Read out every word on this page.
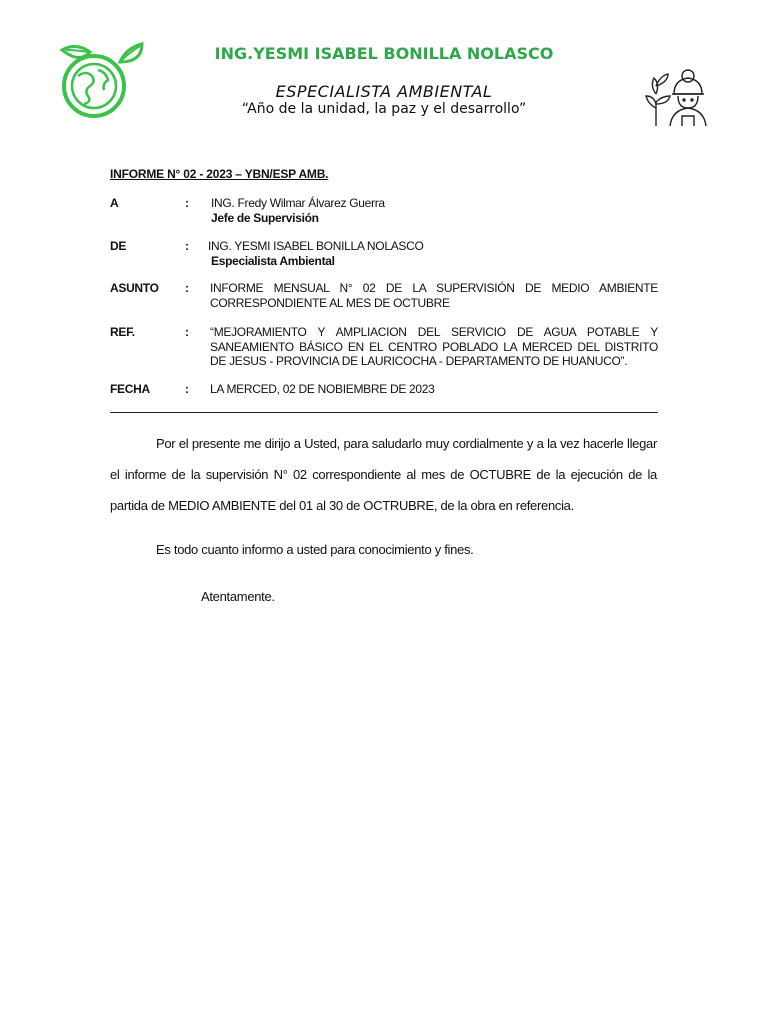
ING.YESMI ISABEL BONILLA NOLASCO
ESPECIALISTA AMBIENTAL
“Año de la unidad, la paz y el desarrollo”
INFORME N° 02 - 2023 – YBN/ESP AMB.
A	: ING. Fredy Wilmar Álvarez Guerra
Jefe de Supervisión
DE	: ING. YESMI ISABEL BONILLA NOLASCO
Especialista Ambiental
ASUNTO : INFORME MENSUAL N° 02 DE LA SUPERVISIÓN DE MEDIO AMBIENTE
CORRESPONDIENTE AL MES DE OCTUBRE
REF.	: “MEJORAMIENTO Y AMPLIACION DEL SERVICIO DE AGUA POTABLE Y
SANEAMIENTO BÁSICO EN EL CENTRO POBLADO LA MERCED DEL DISTRITO
DE JESUS - PROVINCIA DE LAURICOCHA - DEPARTAMENTO DE HUANUCO”.
FECHA	: LA MERCED, 02 DE NOBIEMBRE DE 2023
Por el presente me dirijo a Usted, para saludarlo muy cordialmente y a la vez hacerle llegar el informe de la supervisión N° 02 correspondiente al mes de OCTUBRE de la ejecución de la partida de MEDIO AMBIENTE del 01 al 30 de OCTRUBRE, de la obra en referencia.
Es todo cuanto informo a usted para conocimiento y fines.
Atentamente.
